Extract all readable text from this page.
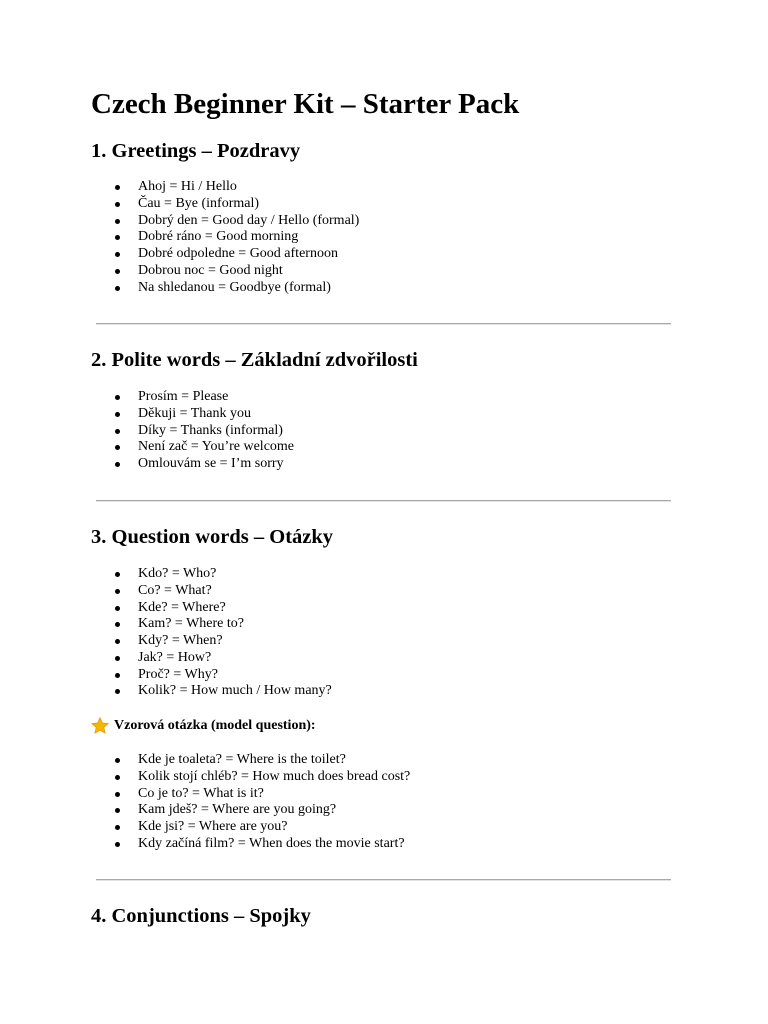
Czech Beginner Kit – Starter Pack
1. Greetings – Pozdravy
Ahoj = Hi / Hello
Čau = Bye (informal)
Dobrý den = Good day / Hello (formal)
Dobré ráno = Good morning
Dobré odpoledne = Good afternoon
Dobrou noc = Good night
Na shledanou = Goodbye (formal)
2. Polite words – Základní zdvořilosti
Prosím = Please
Děkuji = Thank you
Díky = Thanks (informal)
Není zač = You’re welcome
Omlouvám se = I’m sorry
3. Question words – Otázky
Kdo? = Who?
Co? = What?
Kde? = Where?
Kam? = Where to?
Kdy? = When?
Jak? = How?
Proč? = Why?
Kolik? = How much / How many?

Vzorová otázka (model question):

Kde je toaleta? = Where is the toilet?
Kolik stojí chléb? = How much does bread cost?
Co je to? = What is it?
Kam jdeš? = Where are you going?
Kde jsi? = Where are you?
Kdy začíná film? = When does the movie start?
4. Conjunctions – Spojky
